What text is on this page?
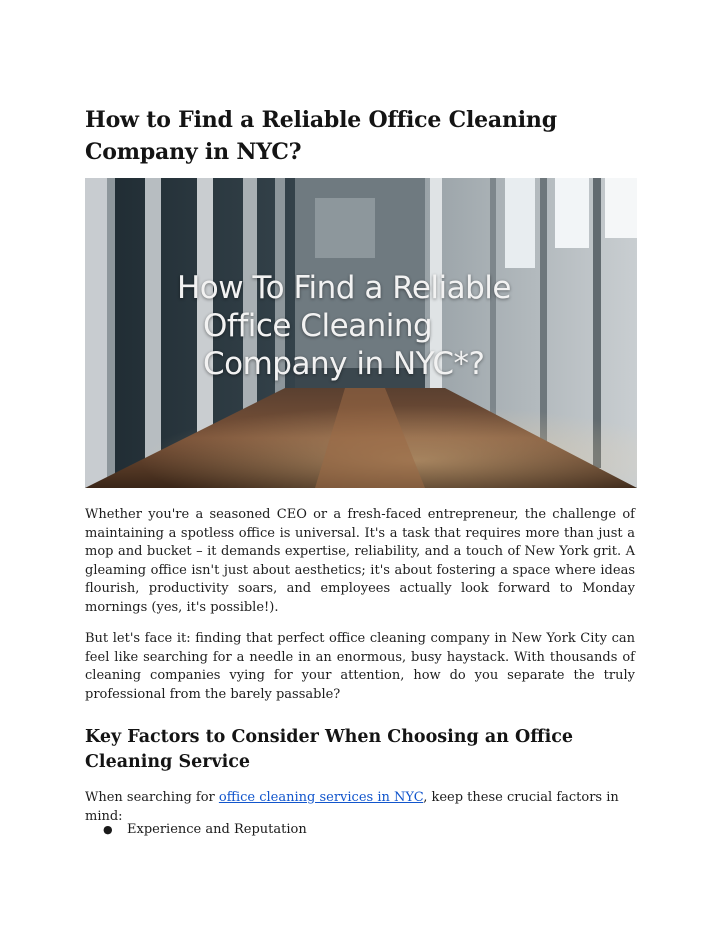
How to Find a Reliable Office Cleaning Company in NYC?
How To Find a Reliable
Office Cleaning
Company in NYC*?

Whether you're a seasoned CEO or a fresh-faced entrepreneur, the challenge of maintaining a spotless office is universal. It's a task that requires more than just a mop and bucket – it demands expertise, reliability, and a touch of New York grit. A gleaming office isn't just about aesthetics; it's about fostering a space where ideas flourish, productivity soars, and employees actually look forward to Monday mornings (yes, it's possible!).

But let's face it: finding that perfect office cleaning company in New York City can feel like searching for a needle in an enormous, busy haystack. With thousands of cleaning companies vying for your attention, how do you separate the truly professional from the barely passable?

Key Factors to Consider When Choosing an Office Cleaning Service

When searching for office cleaning services in NYC, keep these crucial factors in mind:

● Experience and Reputation
